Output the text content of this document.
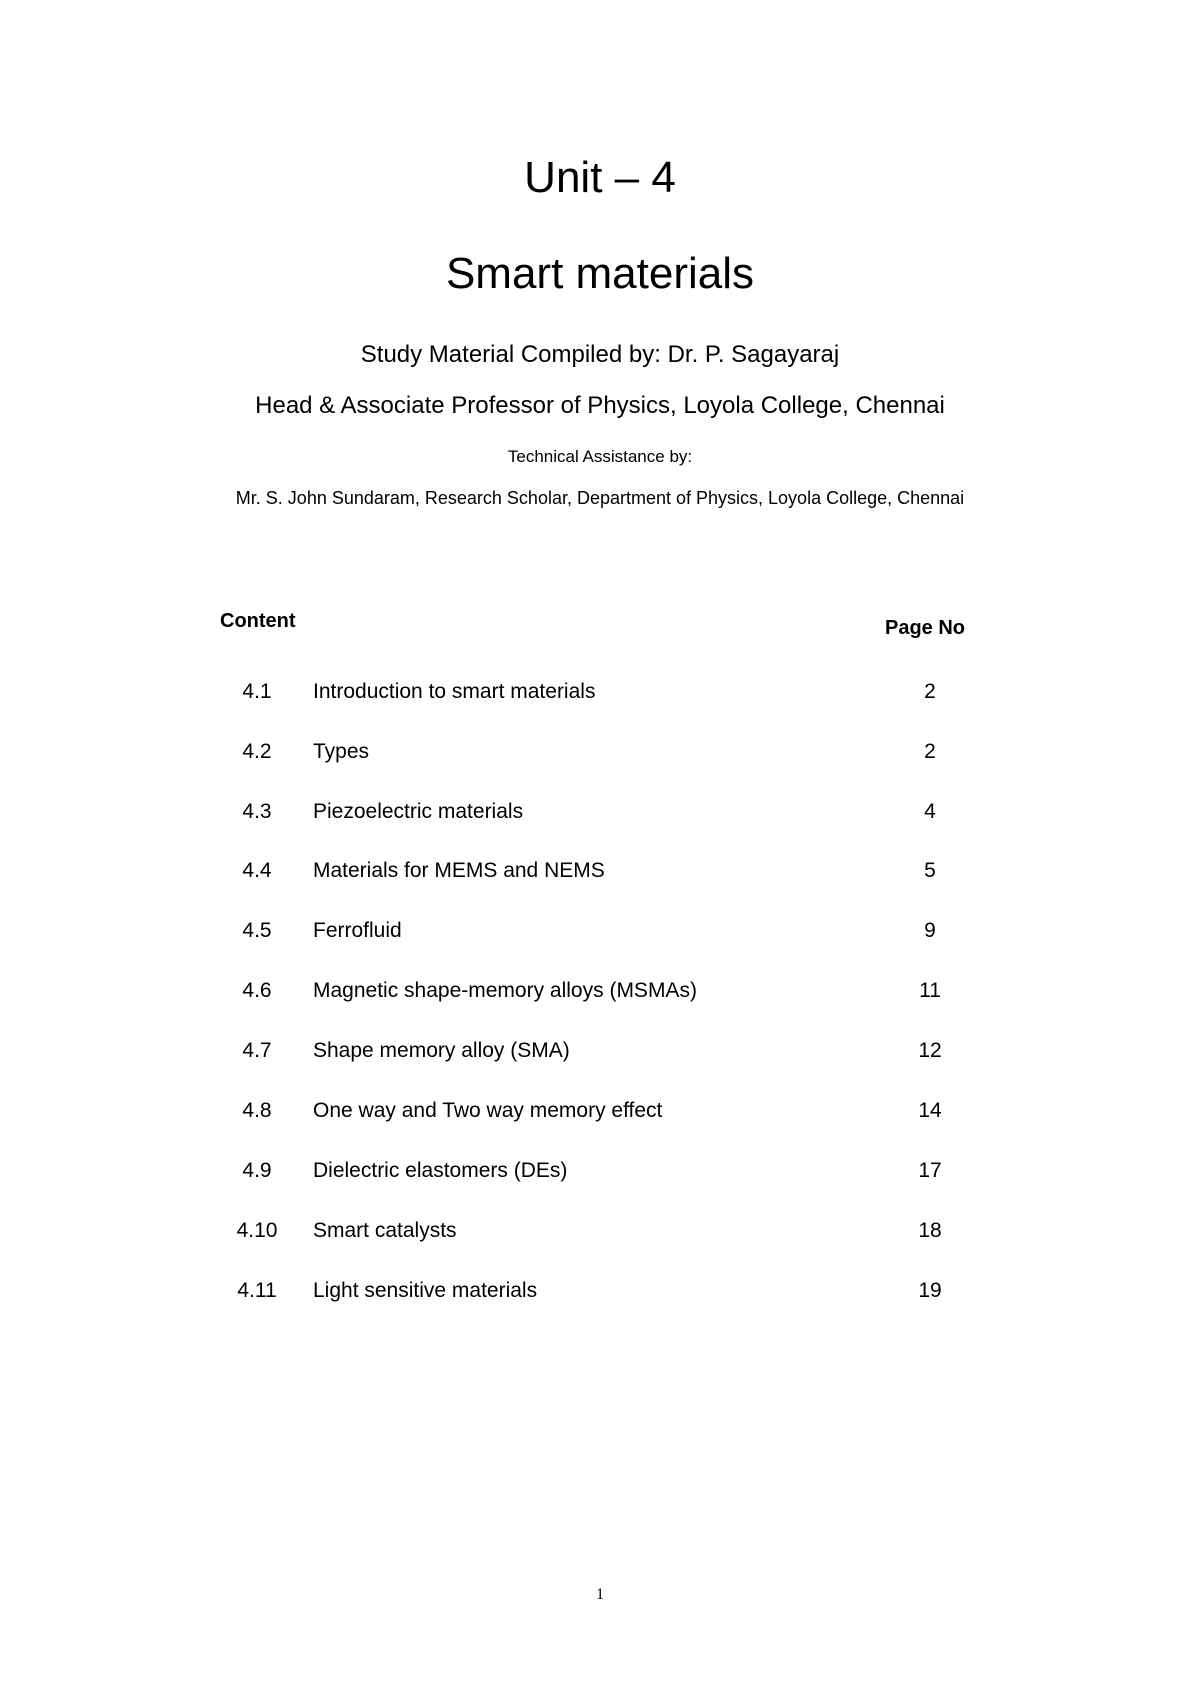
Unit – 4
Smart materials
Study Material Compiled by: Dr. P. Sagayaraj
Head & Associate Professor of Physics, Loyola College, Chennai
Technical Assistance by:
Mr. S. John Sundaram, Research Scholar, Department of Physics, Loyola College, Chennai
Content	Page No
4.1	Introduction to smart materials	2
4.2	Types	2
4.3	Piezoelectric materials	4
4.4	Materials for MEMS and NEMS	5
4.5	Ferrofluid	9
4.6	Magnetic shape-memory alloys (MSMAs)	11
4.7	Shape memory alloy (SMA)	12
4.8	One way and Two way memory effect	14
4.9	Dielectric elastomers (DEs)	17
4.10	Smart catalysts	18
4.11	Light sensitive materials	19
1
